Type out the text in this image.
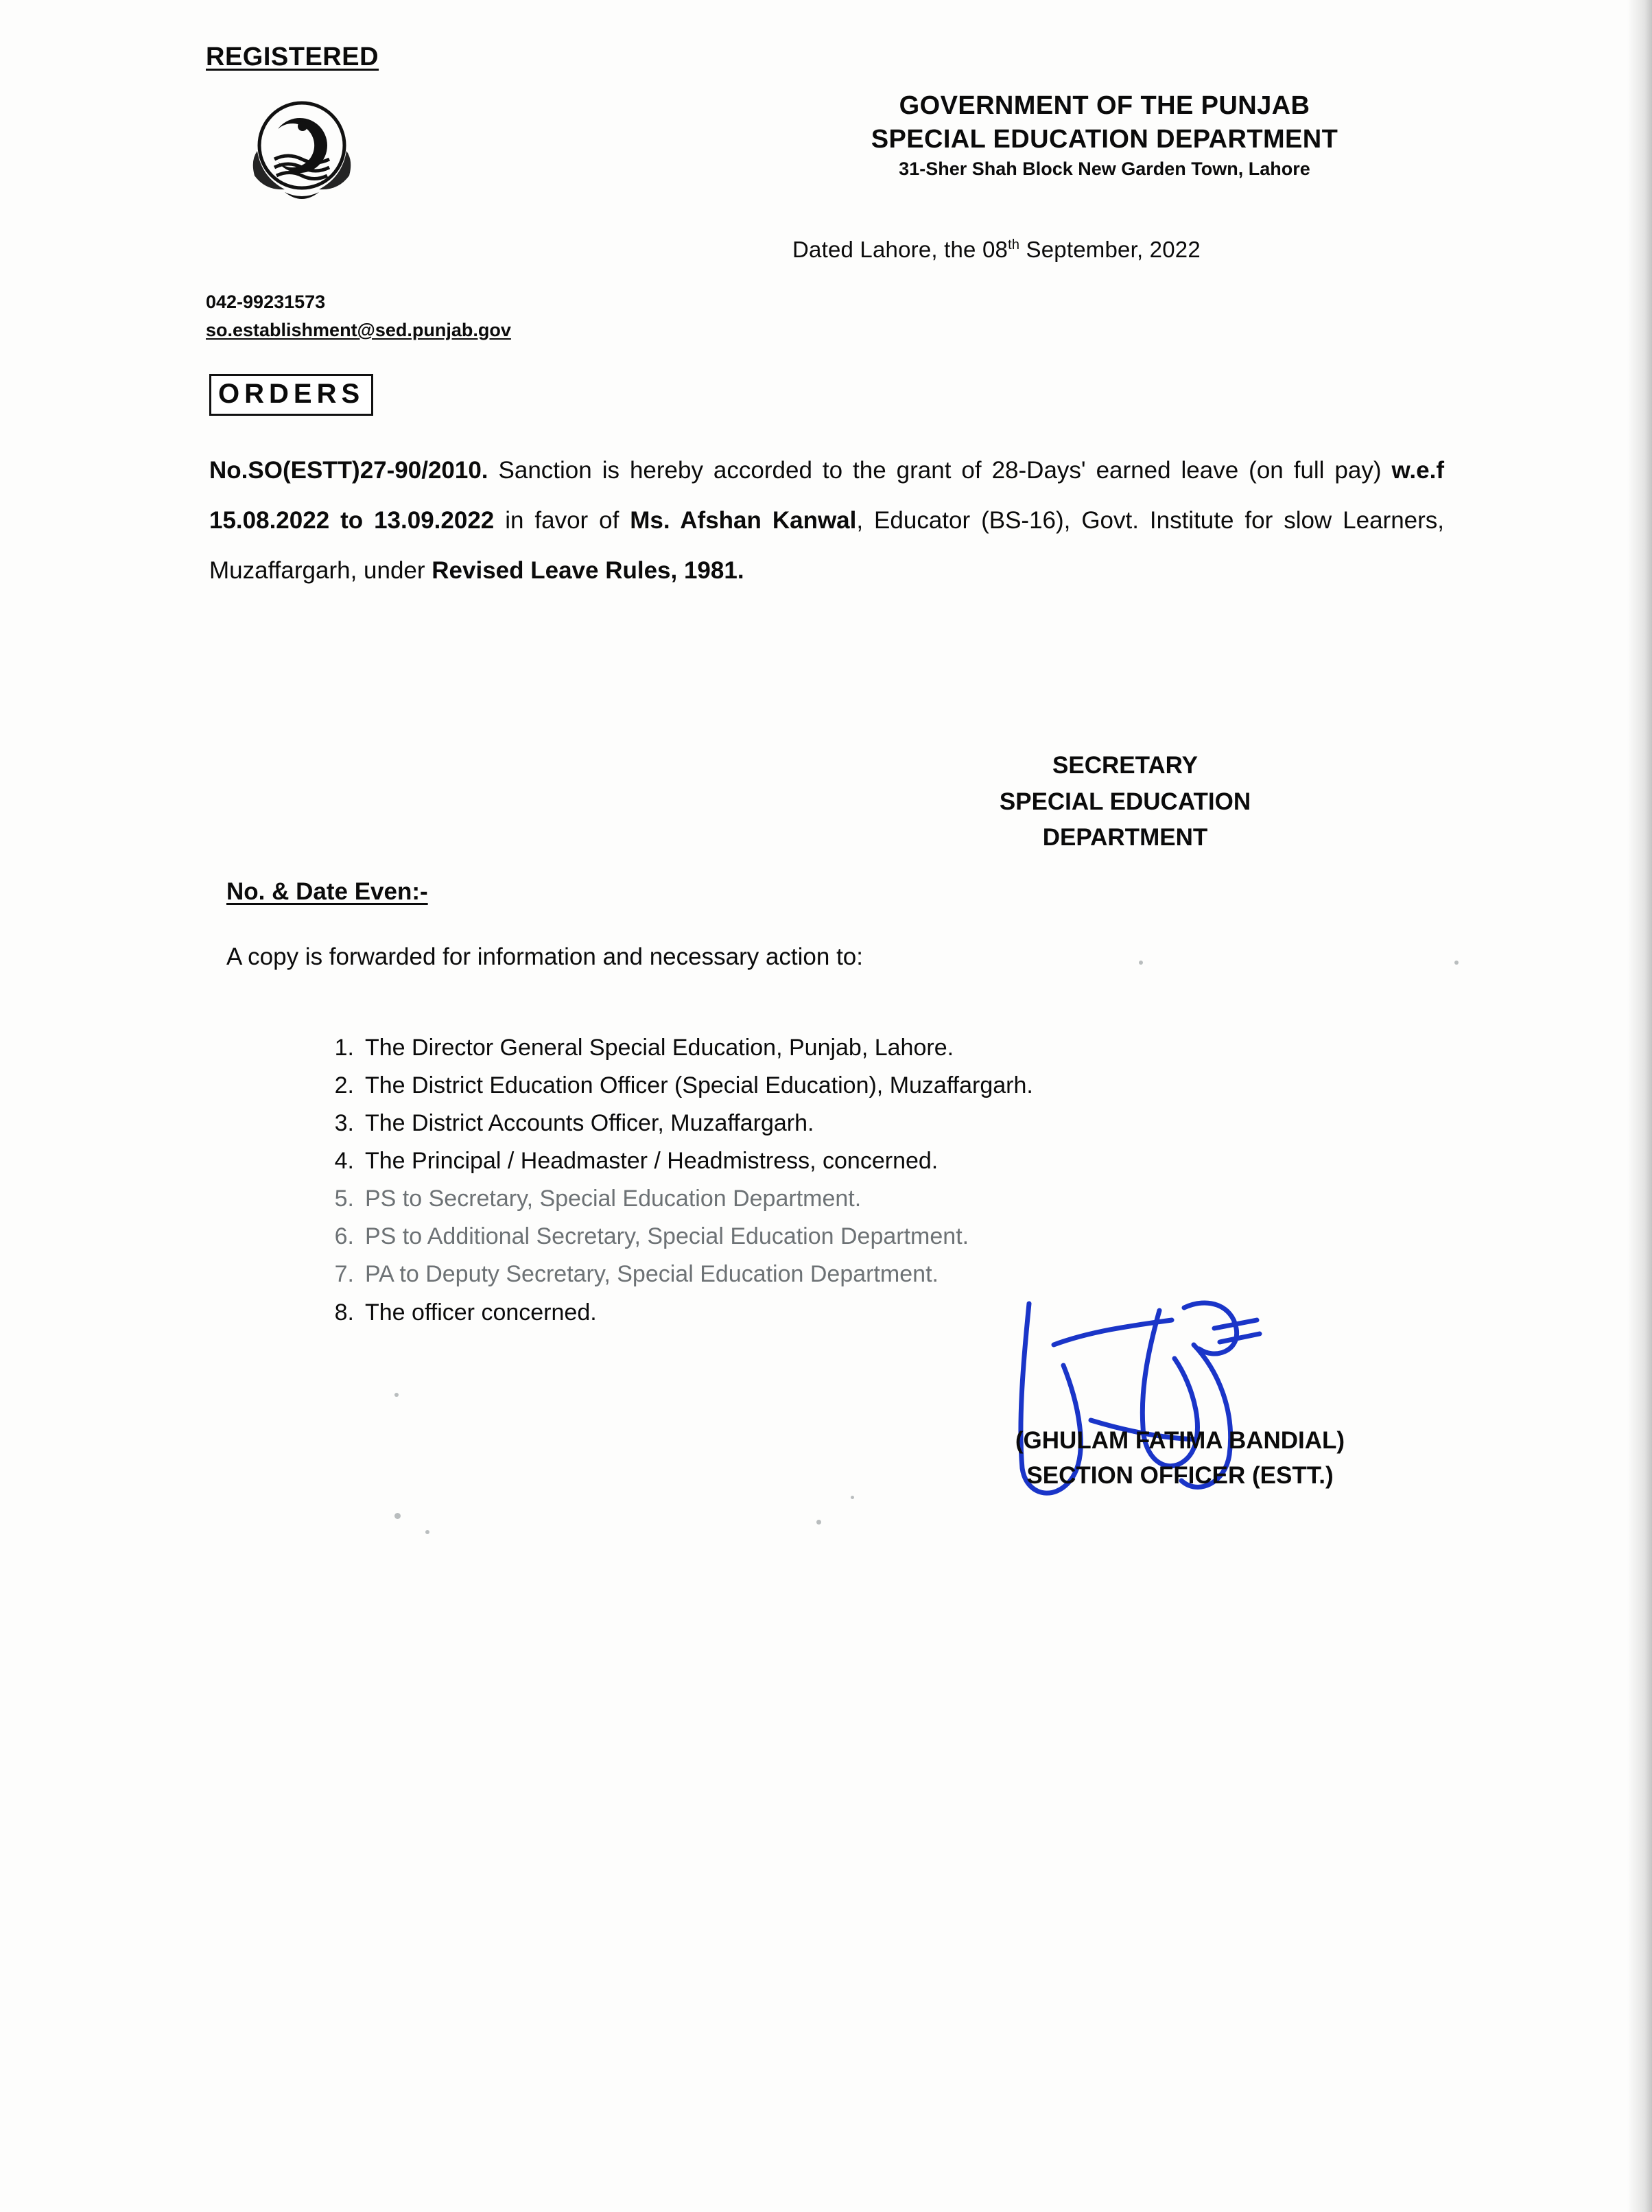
REGISTERED
042-99231573
so.establishment@sed.punjab.gov
GOVERNMENT OF THE PUNJAB
SPECIAL EDUCATION DEPARTMENT
31-Sher Shah Block New Garden Town, Lahore
Dated Lahore, the 08th September, 2022
ORDERS
No.SO(ESTT)27-90/2010. Sanction is hereby accorded to the grant of 28-Days' earned leave (on full pay) w.e.f 15.08.2022 to 13.09.2022 in favor of Ms. Afshan Kanwal, Educator (BS-16), Govt. Institute for slow Learners, Muzaffargarh, under Revised Leave Rules, 1981.
SECRETARY
SPECIAL EDUCATION
DEPARTMENT
No. & Date Even:-
A copy is forwarded for information and necessary action to:
1. The Director General Special Education, Punjab, Lahore.
2. The District Education Officer (Special Education), Muzaffargarh.
3. The District Accounts Officer, Muzaffargarh.
4. The Principal / Headmaster / Headmistress, concerned.
5. PS to Secretary, Special Education Department.
6. PS to Additional Secretary, Special Education Department.
7. PA to Deputy Secretary, Special Education Department.
8. The officer concerned.
(GHULAM FATIMA BANDIAL)
SECTION OFFICER (ESTT.)
